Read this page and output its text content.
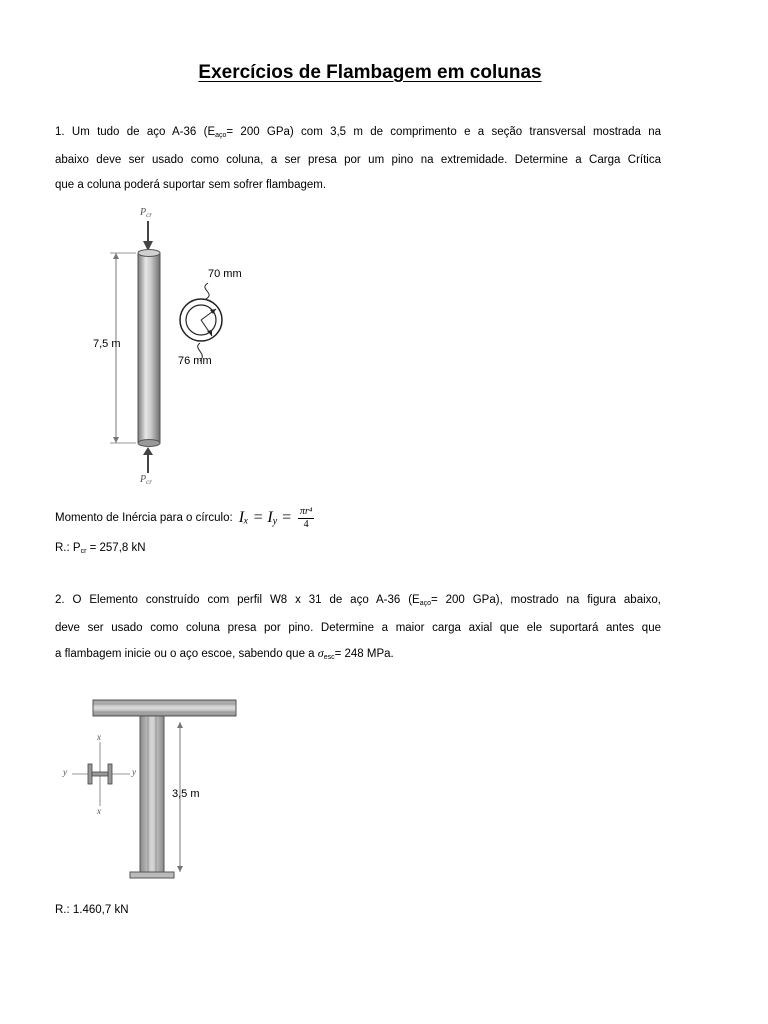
Exercícios de Flambagem em colunas
1. Um tudo de aço A-36 ($E_{aço}= 200$ GPa) com 3,5 m de comprimento e a seção transversal mostrada na
abaixo deve ser usado como coluna, a ser presa por um pino na extremidade. Determine a Carga Crítica
que a coluna poderá suportar sem sofrer flambagem.
$P_{cr}$
$P_{cr}$
7,5 m
70 mm
76 mm
Momento de Inércia para o círculo: $I_x = I_y = \frac{\text{πr⁴}}{4}$
R.: $P_{cr} = 257,8$ kN
2. O Elemento construído com perfil W8 x 31 de aço A-36 ($E_{aço}= 200$ GPa), mostrado na figura abaixo,
deve ser usado como coluna presa por pino. Determine a maior carga axial que ele suportará antes que
a flambagem inicie ou o aço escoe, sabendo que a $\sigma_{esc}= 248$ MPa.
x
x
y	y
3,5 m
R.: 1.460,7 kN
